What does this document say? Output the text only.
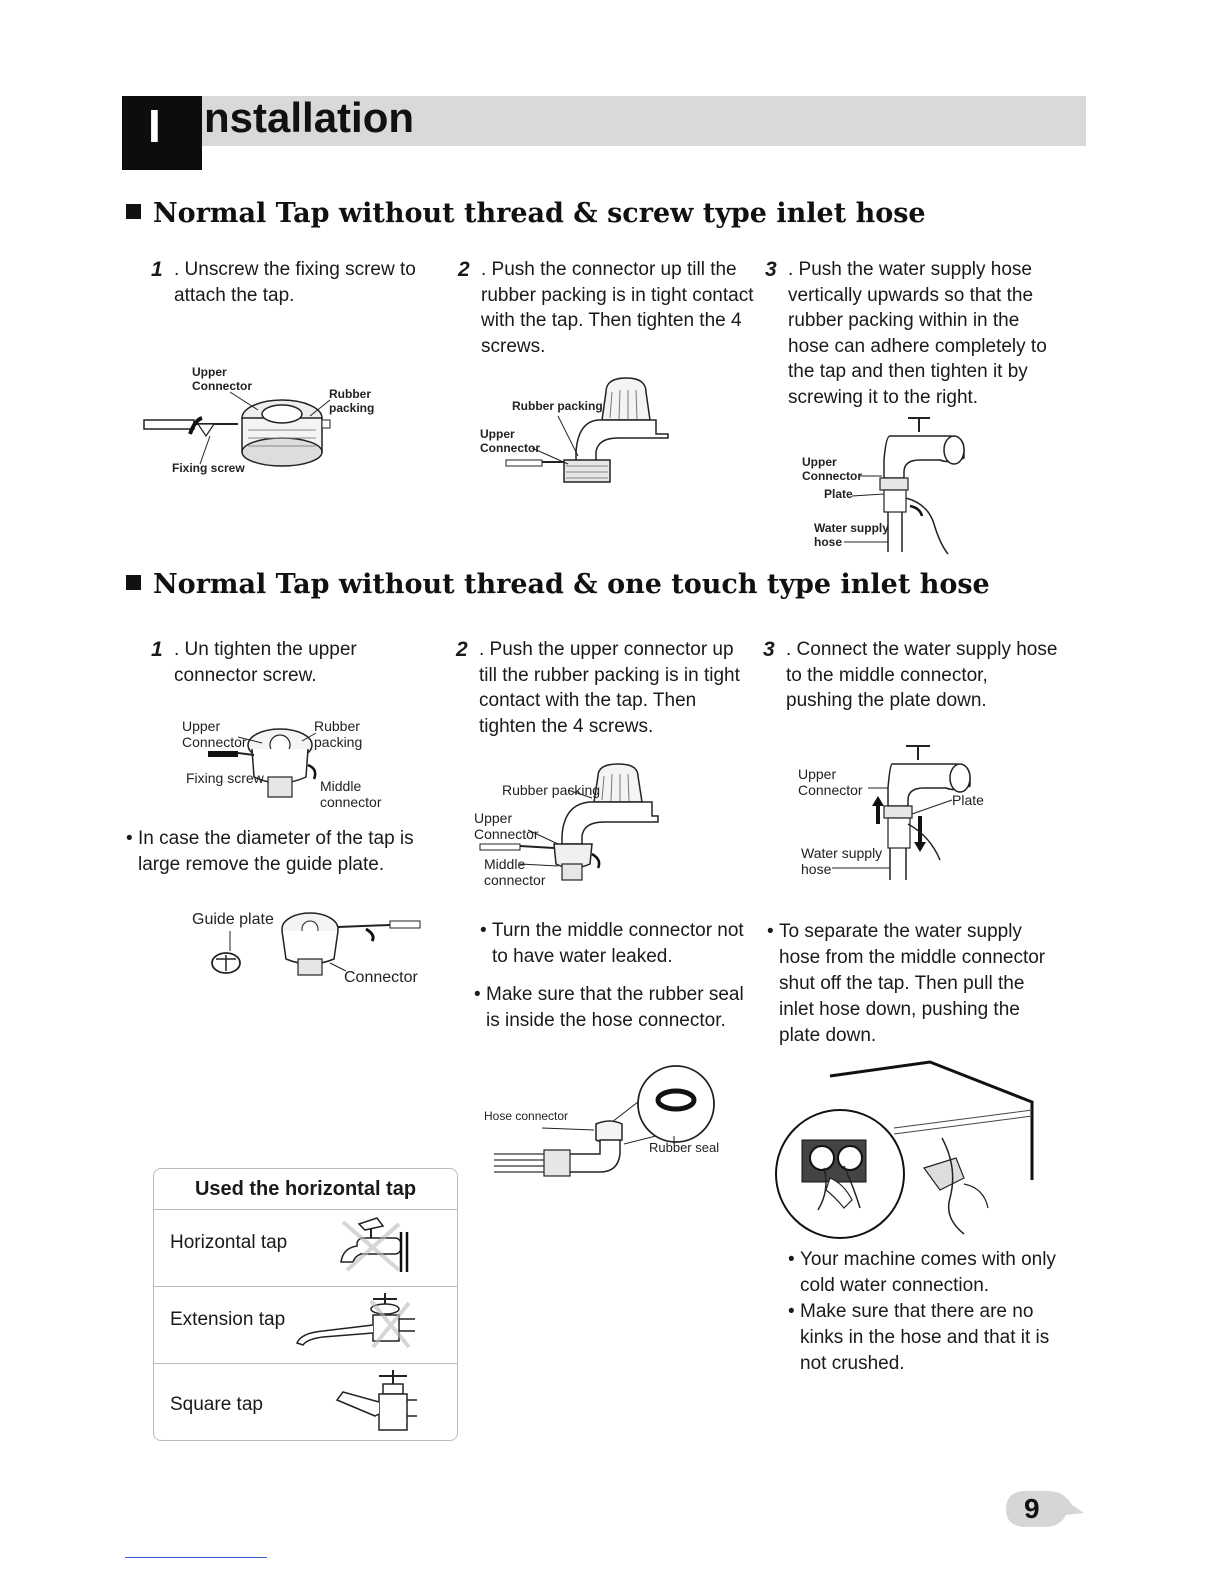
I nstallation
Normal Tap without thread & screw type inlet hose
1 . Unscrew the fixing screw to attach the tap.
2 . Push the connector up till the rubber packing is in tight contact with the tap. Then tighten the 4 screws.
3 . Push the water supply hose vertically upwards so that the rubber packing within in the hose can adhere completely to the tap and then tighten it by screwing it to the right.
Upper
Connector
Rubber
packing
Fixing screw
Rubber packing
Upper
Connector
Upper
Connector
Plate
Water supply
hose
Normal Tap without thread & one touch type inlet hose
1 . Un tighten the upper connector screw.
2 . Push the upper connector up till the rubber packing is in tight contact with the tap. Then tighten the 4 screws.
3 . Connect the water supply hose to the middle connector, pushing the plate down.
Upper
Connector
Rubber
packing
Fixing screw	Middle
connector
• In case the diameter of the tap is large remove the guide plate.
Guide plate
Connector
Rubber packing
Upper
Connector
Middle
connector
Upper
Connector
Plate
Water supply
hose
• Turn the middle connector not to have water leaked.
• Make sure that the rubber seal is inside the hose connector.
• To separate the water supply hose from the middle connector shut off the tap. Then pull the inlet hose down, pushing the plate down.
Hose connector
Rubber seal
• Your machine comes with only cold water connection.
• Make sure that there are no kinks in the hose and that it is not crushed.
Used the horizontal tap
Horizontal tap
Extension tap
Square tap
9
